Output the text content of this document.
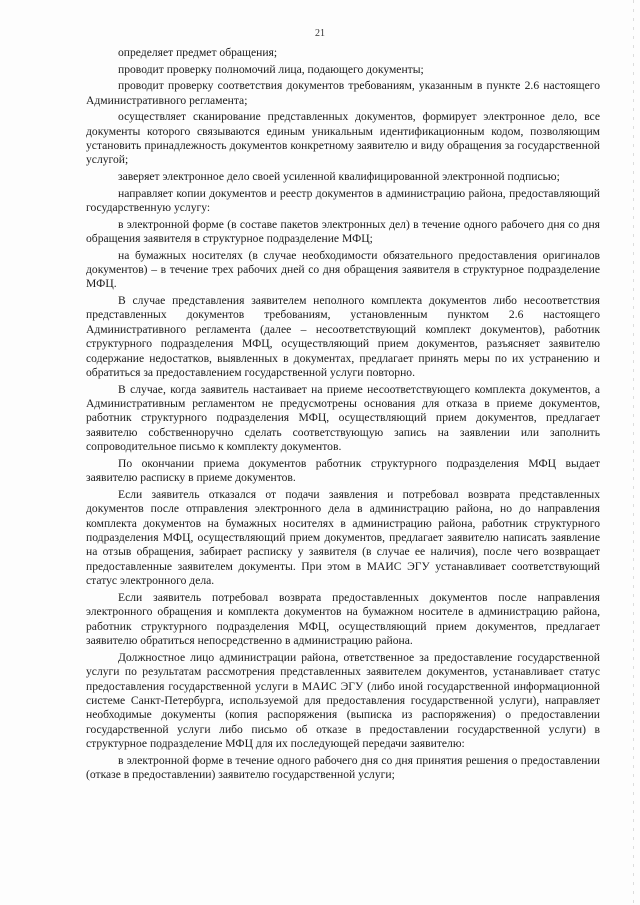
21

определяет предмет обращения;

проводит проверку полномочий лица, подающего документы;

проводит проверку соответствия документов требованиям, указанным в пункте 2.6 настоящего Административного регламента;

осуществляет сканирование представленных документов, формирует электронное дело, все документы которого связываются единым уникальным идентификационным кодом, позволяющим установить принадлежность документов конкретному заявителю и виду обращения за государственной услугой;

заверяет электронное дело своей усиленной квалифицированной электронной подписью;

направляет копии документов и реестр документов в администрацию района, предоставляющий государственную услугу:

в электронной форме (в составе пакетов электронных дел) в течение одного рабочего дня со дня обращения заявителя в структурное подразделение МФЦ;

на бумажных носителях (в случае необходимости обязательного предоставления оригиналов документов) – в течение трех рабочих дней со дня обращения заявителя в структурное подразделение МФЦ.

В случае представления заявителем неполного комплекта документов либо несоответствия представленных документов требованиям, установленным пунктом 2.6 настоящего Административного регламента (далее – несоответствующий комплект документов), работник структурного подразделения МФЦ, осуществляющий прием документов, разъясняет заявителю содержание недостатков, выявленных в документах, предлагает принять меры по их устранению и обратиться за предоставлением государственной услуги повторно.

В случае, когда заявитель настаивает на приеме несоответствующего комплекта документов, а Административным регламентом не предусмотрены основания для отказа в приеме документов, работник структурного подразделения МФЦ, осуществляющий прием документов, предлагает заявителю собственноручно сделать соответствующую запись на заявлении или заполнить сопроводительное письмо к комплекту документов.

По окончании приема документов работник структурного подразделения МФЦ выдает заявителю расписку в приеме документов.

Если заявитель отказался от подачи заявления и потребовал возврата представленных документов после отправления электронного дела в администрацию района, но до направления комплекта документов на бумажных носителях в администрацию района, работник структурного подразделения МФЦ, осуществляющий прием документов, предлагает заявителю написать заявление на отзыв обращения, забирает расписку у заявителя (в случае ее наличия), после чего возвращает предоставленные заявителем документы. При этом в МАИС ЭГУ устанавливает соответствующий статус электронного дела.

Если заявитель потребовал возврата предоставленных документов после направления электронного обращения и комплекта документов на бумажном носителе в администрацию района, работник структурного подразделения МФЦ, осуществляющий прием документов, предлагает заявителю обратиться непосредственно в администрацию района.

Должностное лицо администрации района, ответственное за предоставление государственной услуги по результатам рассмотрения представленных заявителем документов, устанавливает статус предоставления государственной услуги в МАИС ЭГУ (либо иной государственной информационной системе Санкт-Петербурга, используемой для предоставления государственной услуги), направляет необходимые документы (копия распоряжения (выписка из распоряжения) о предоставлении государственной услуги либо письмо об отказе в предоставлении государственной услуги) в структурное подразделение МФЦ для их последующей передачи заявителю:

в электронной форме в течение одного рабочего дня со дня принятия решения о предоставлении (отказе в предоставлении) заявителю государственной услуги;
